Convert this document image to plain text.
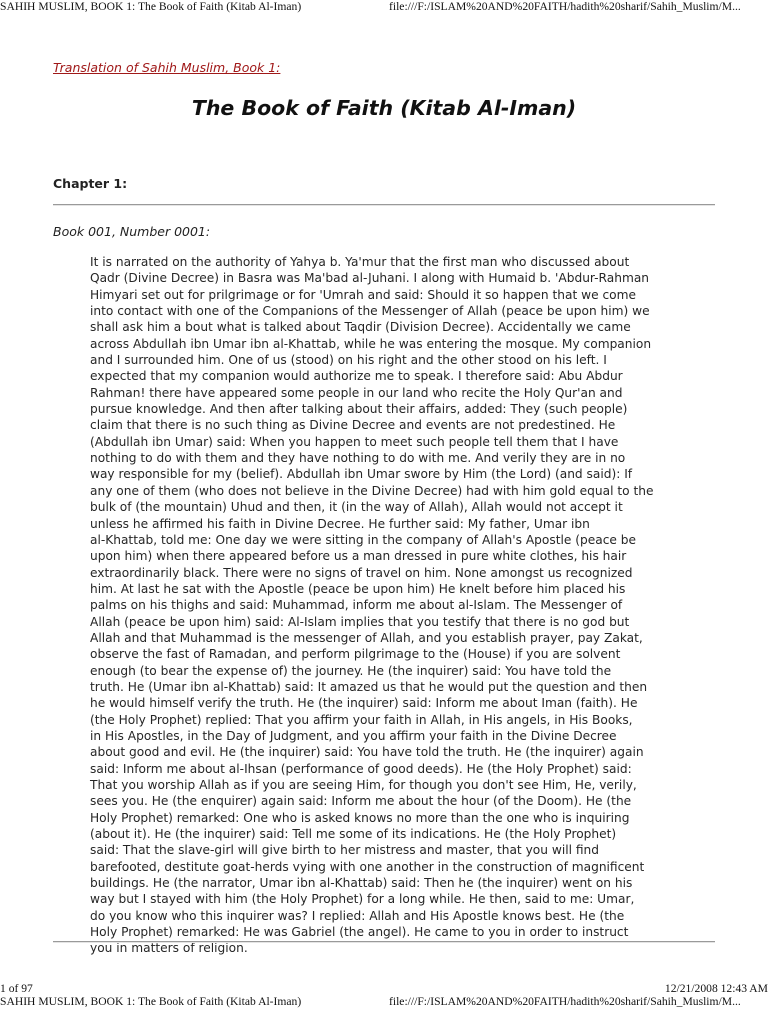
SAHIH MUSLIM, BOOK 1: The Book of Faith (Kitab Al-Iman)	file:///F:/ISLAM%20AND%20FAITH/hadith%20sharif/Sahih_Muslim/M...
Translation of Sahih Muslim, Book 1:
The Book of Faith (Kitab Al-Iman)
Chapter 1:
Book 001, Number 0001:
It is narrated on the authority of Yahya b. Ya'mur that the first man who discussed about
Qadr (Divine Decree) in Basra was Ma'bad al-Juhani. I along with Humaid b. 'Abdur-Rahman
Himyari set out for prilgrimage or for 'Umrah and said: Should it so happen that we come
into contact with one of the Companions of the Messenger of Allah (peace be upon him) we
shall ask him a bout what is talked about Taqdir (Division Decree). Accidentally we came
across Abdullah ibn Umar ibn al-Khattab, while he was entering the mosque. My companion
and I surrounded him. One of us (stood) on his right and the other stood on his left. I
expected that my companion would authorize me to speak. I therefore said: Abu Abdur
Rahman! there have appeared some people in our land who recite the Holy Qur'an and
pursue knowledge. And then after talking about their affairs, added: They (such people)
claim that there is no such thing as Divine Decree and events are not predestined. He
(Abdullah ibn Umar) said: When you happen to meet such people tell them that I have
nothing to do with them and they have nothing to do with me. And verily they are in no
way responsible for my (belief). Abdullah ibn Umar swore by Him (the Lord) (and said): If
any one of them (who does not believe in the Divine Decree) had with him gold equal to the
bulk of (the mountain) Uhud and then, it (in the way of Allah), Allah would not accept it
unless he affirmed his faith in Divine Decree. He further said: My father, Umar ibn
al-Khattab, told me: One day we were sitting in the company of Allah's Apostle (peace be
upon him) when there appeared before us a man dressed in pure white clothes, his hair
extraordinarily black. There were no signs of travel on him. None amongst us recognized
him. At last he sat with the Apostle (peace be upon him) He knelt before him placed his
palms on his thighs and said: Muhammad, inform me about al-Islam. The Messenger of
Allah (peace be upon him) said: Al-Islam implies that you testify that there is no god but
Allah and that Muhammad is the messenger of Allah, and you establish prayer, pay Zakat,
observe the fast of Ramadan, and perform pilgrimage to the (House) if you are solvent
enough (to bear the expense of) the journey. He (the inquirer) said: You have told the
truth. He (Umar ibn al-Khattab) said: It amazed us that he would put the question and then
he would himself verify the truth. He (the inquirer) said: Inform me about Iman (faith). He
(the Holy Prophet) replied: That you affirm your faith in Allah, in His angels, in His Books,
in His Apostles, in the Day of Judgment, and you affirm your faith in the Divine Decree
about good and evil. He (the inquirer) said: You have told the truth. He (the inquirer) again
said: Inform me about al-Ihsan (performance of good deeds). He (the Holy Prophet) said:
That you worship Allah as if you are seeing Him, for though you don't see Him, He, verily,
sees you. He (the enquirer) again said: Inform me about the hour (of the Doom). He (the
Holy Prophet) remarked: One who is asked knows no more than the one who is inquiring
(about it). He (the inquirer) said: Tell me some of its indications. He (the Holy Prophet)
said: That the slave-girl will give birth to her mistress and master, that you will find
barefooted, destitute goat-herds vying with one another in the construction of magnificent
buildings. He (the narrator, Umar ibn al-Khattab) said: Then he (the inquirer) went on his
way but I stayed with him (the Holy Prophet) for a long while. He then, said to me: Umar,
do you know who this inquirer was? I replied: Allah and His Apostle knows best. He (the
Holy Prophet) remarked: He was Gabriel (the angel). He came to you in order to instruct
you in matters of religion.
1 of 97	12/21/2008 12:43 AM
SAHIH MUSLIM, BOOK 1: The Book of Faith (Kitab Al-Iman)	file:///F:/ISLAM%20AND%20FAITH/hadith%20sharif/Sahih_Muslim/M...
